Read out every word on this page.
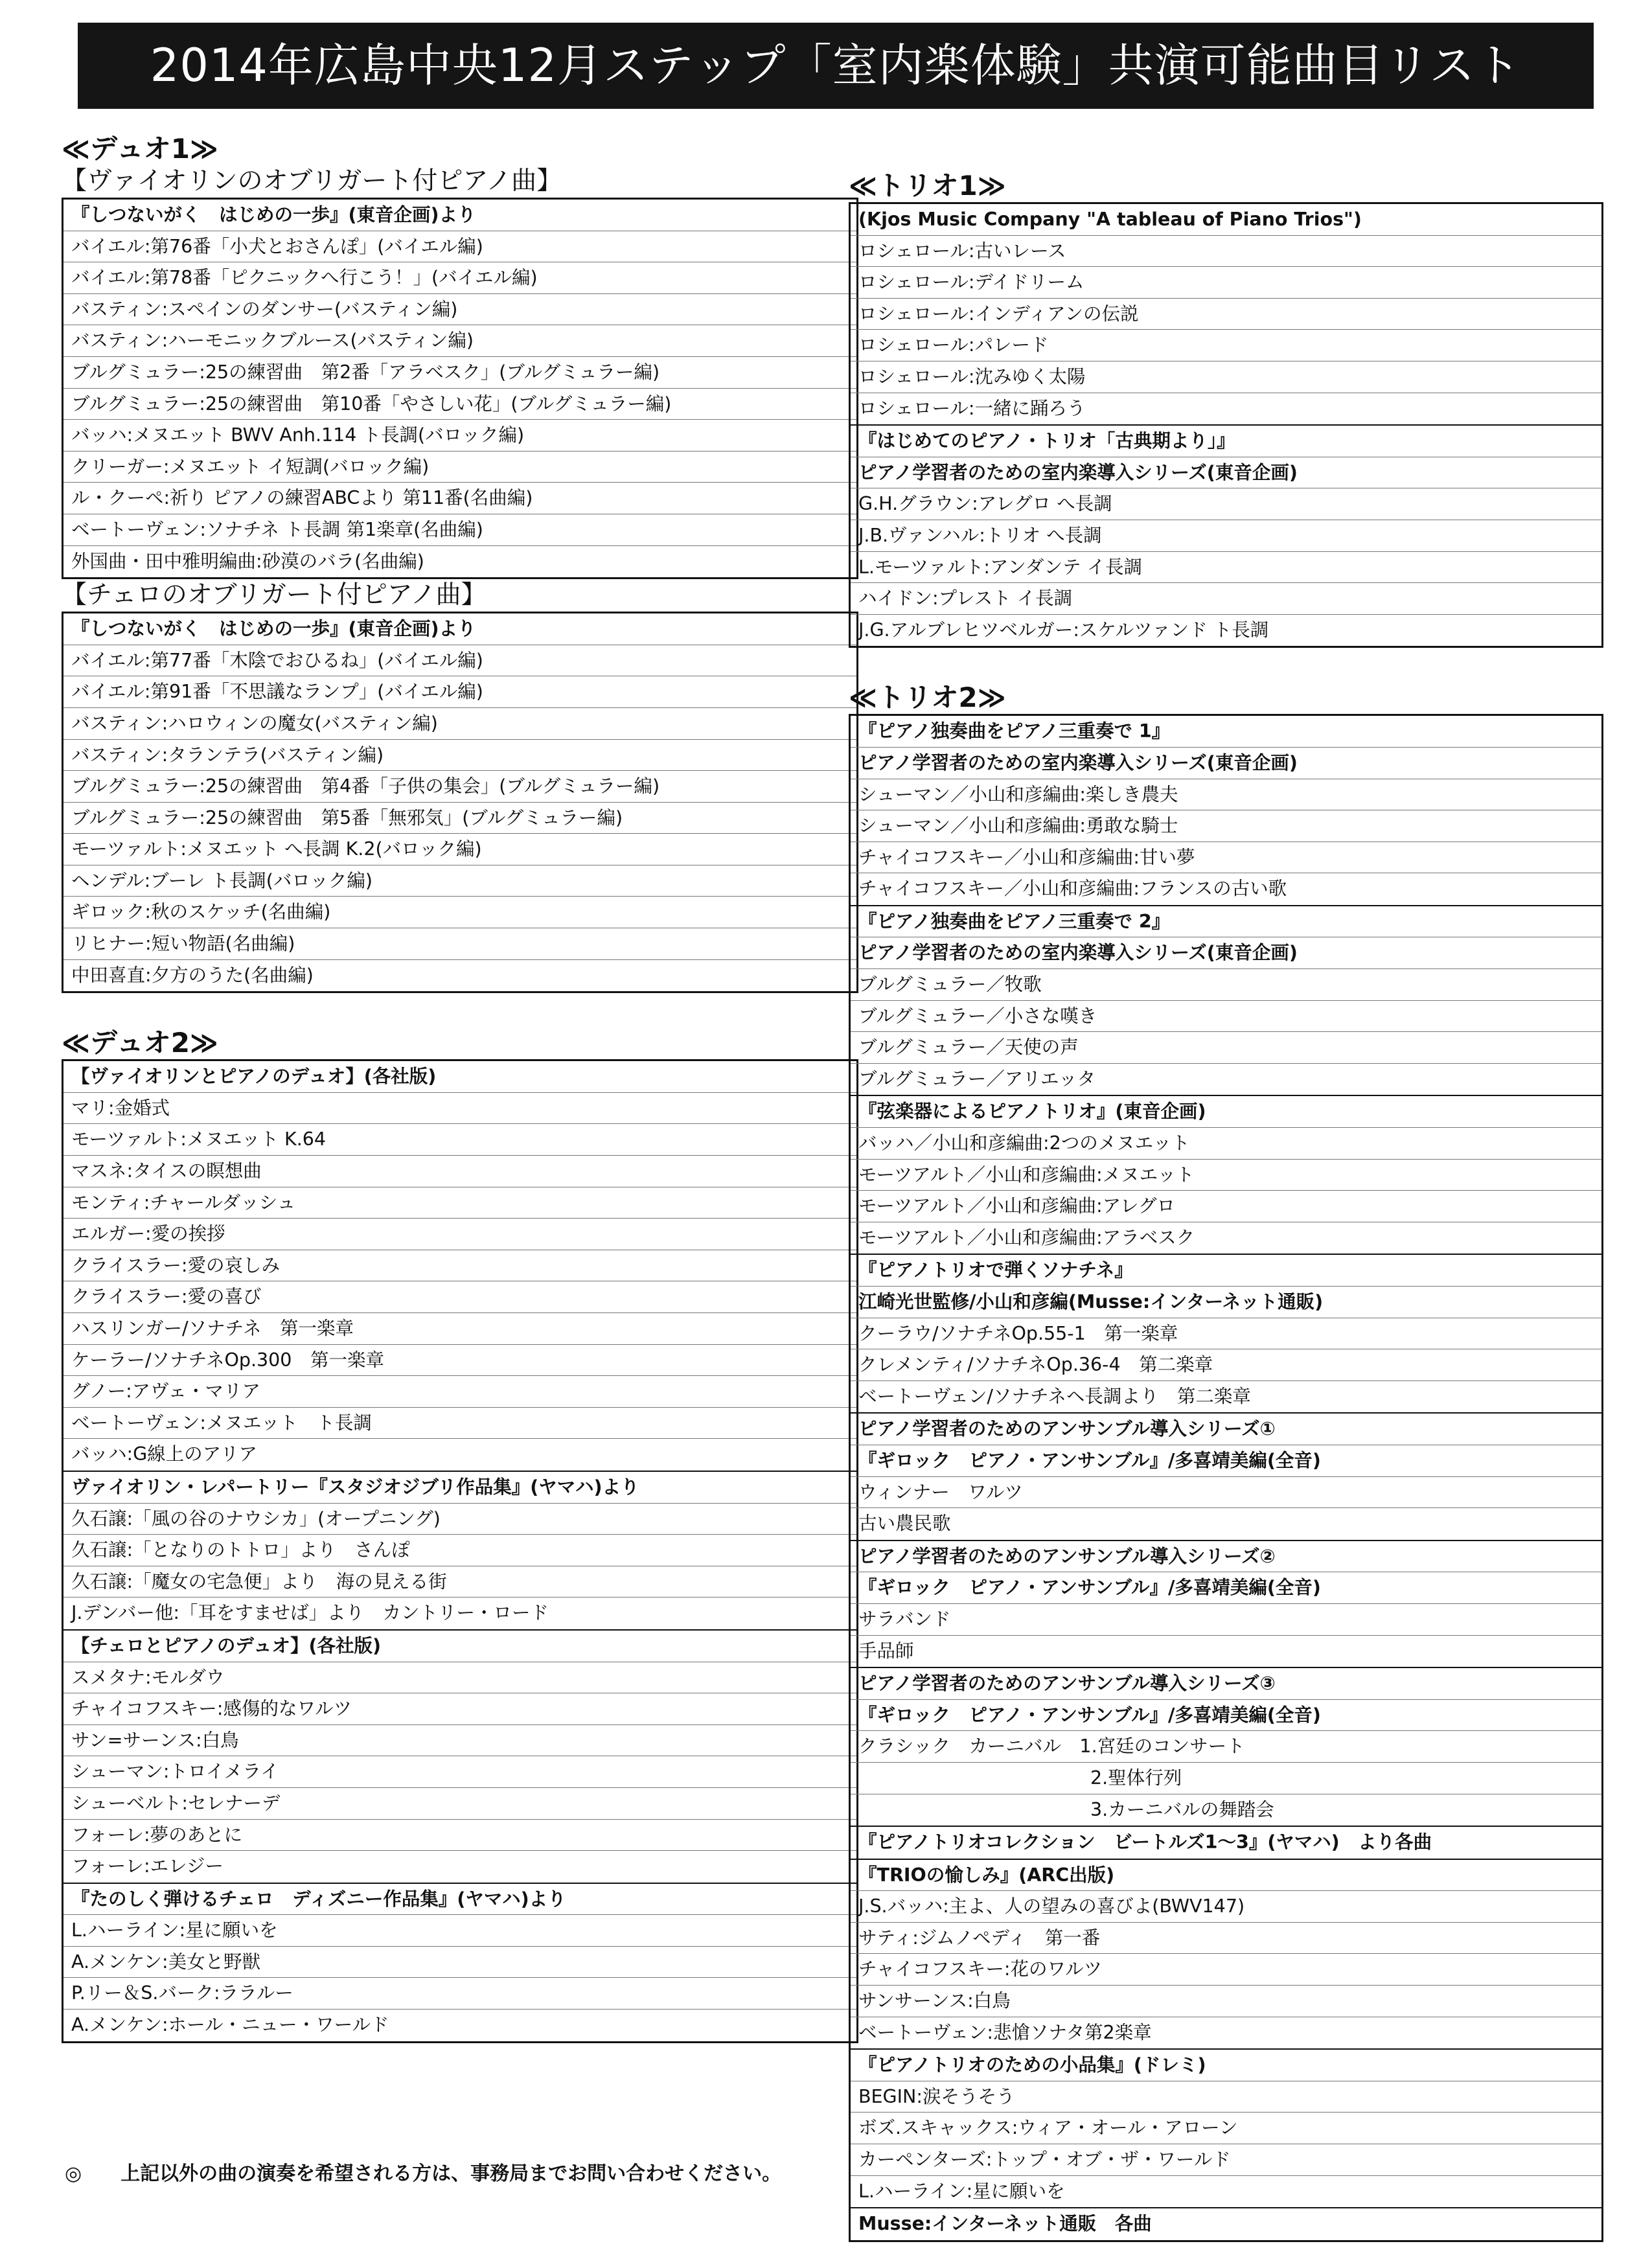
2014年広島中央12月ステップ「室内楽体験」共演可能曲目リスト
≪デュオ1≫
【ヴァイオリンのオブリガート付ピアノ曲】
『しつないがく　はじめの一歩』(東音企画)より
バイエル:第76番「小犬とおさんぽ」(バイエル編)
バイエル:第78番「ピクニックへ行こう！」(バイエル編)
バスティン:スペインのダンサー(バスティン編)
バスティン:ハーモニックブルース(バスティン編)
ブルグミュラー:25の練習曲　第2番「アラベスク」(ブルグミュラー編)
ブルグミュラー:25の練習曲　第10番「やさしい花」(ブルグミュラー編)
バッハ:メヌエット BWV Anh.114 ト長調(バロック編)
クリーガー:メヌエット イ短調(バロック編)
ル・クーペ:祈り ピアノの練習ABCより 第11番(名曲編)
ベートーヴェン:ソナチネ ト長調 第1楽章(名曲編)
外国曲・田中雅明編曲:砂漠のバラ(名曲編)
【チェロのオブリガート付ピアノ曲】
『しつないがく　はじめの一歩』(東音企画)より
バイエル:第77番「木陰でおひるね」(バイエル編)
バイエル:第91番「不思議なランプ」(バイエル編)
バスティン:ハロウィンの魔女(バスティン編)
バスティン:タランテラ(バスティン編)
ブルグミュラー:25の練習曲　第4番「子供の集会」(ブルグミュラー編)
ブルグミュラー:25の練習曲　第5番「無邪気」(ブルグミュラー編)
モーツァルト:メヌエット へ長調 K.2(バロック編)
ヘンデル:ブーレ ト長調(バロック編)
ギロック:秋のスケッチ(名曲編)
リヒナー:短い物語(名曲編)
中田喜直:夕方のうた(名曲編)
≪デュオ2≫
【ヴァイオリンとピアノのデュオ】(各社版)
マリ:金婚式
モーツァルト:メヌエット K.64
マスネ:タイスの瞑想曲
モンティ:チャールダッシュ
エルガー:愛の挨拶
クライスラー:愛の哀しみ
クライスラー:愛の喜び
ハスリンガー/ソナチネ　第一楽章
ケーラー/ソナチネOp.300　第一楽章
グノー:アヴェ・マリア
ベートーヴェン:メヌエット　ト長調
バッハ:G線上のアリア
ヴァイオリン・レパートリー『スタジオジブリ作品集』(ヤマハ)より
久石譲:「風の谷のナウシカ」(オープニング)
久石譲:「となりのトトロ」より　さんぽ
久石譲:「魔女の宅急便」より　海の見える街
J.デンバー他:「耳をすませば」より　カントリー・ロード
【チェロとピアノのデュオ】(各社版)
スメタナ:モルダウ
チャイコフスキー:感傷的なワルツ
サン=サーンス:白鳥
シューマン:トロイメライ
シューベルト:セレナーデ
フォーレ:夢のあとに
フォーレ:エレジー
『たのしく弾けるチェロ　ディズニー作品集』(ヤマハ)より
L.ハーライン:星に願いを
A.メンケン:美女と野獣
P.リー＆S.バーク:ララルー
A.メンケン:ホール・ニュー・ワールド
≪トリオ1≫
(Kjos Music Company "A tableau of Piano Trios")
ロシェロール:古いレース
ロシェロール:デイドリーム
ロシェロール:インディアンの伝説
ロシェロール:パレード
ロシェロール:沈みゆく太陽
ロシェロール:一緒に踊ろう
『はじめてのピアノ・トリオ「古典期より」』
ピアノ学習者のための室内楽導入シリーズ(東音企画)
G.H.グラウン:アレグロ へ長調
J.B.ヴァンハル:トリオ へ長調
L.モーツァルト:アンダンテ イ長調
ハイドン:プレスト イ長調
J.G.アルブレヒツベルガー:スケルツァンド ト長調
≪トリオ2≫
『ピアノ独奏曲をピアノ三重奏で 1』
ピアノ学習者のための室内楽導入シリーズ(東音企画)
シューマン／小山和彦編曲:楽しき農夫
シューマン／小山和彦編曲:勇敢な騎士
チャイコフスキー／小山和彦編曲:甘い夢
チャイコフスキー／小山和彦編曲:フランスの古い歌
『ピアノ独奏曲をピアノ三重奏で 2』
ピアノ学習者のための室内楽導入シリーズ(東音企画)
ブルグミュラー／牧歌
ブルグミュラー／小さな嘆き
ブルグミュラー／天使の声
ブルグミュラー／アリエッタ
『弦楽器によるピアノトリオ』(東音企画)
バッハ／小山和彦編曲:2つのメヌエット
モーツアルト／小山和彦編曲:メヌエット
モーツアルト／小山和彦編曲:アレグロ
モーツアルト／小山和彦編曲:アラベスク
『ピアノトリオで弾くソナチネ』
江崎光世監修/小山和彦編(Musse:インターネット通販)
クーラウ/ソナチネOp.55-1　第一楽章
クレメンティ/ソナチネOp.36-4　第二楽章
ベートーヴェン/ソナチネヘ長調より　第二楽章
ピアノ学習者のためのアンサンブル導入シリーズ①
『ギロック　ピアノ・アンサンブル』/多喜靖美編(全音)
ウィンナー　ワルツ
古い農民歌
ピアノ学習者のためのアンサンブル導入シリーズ②
『ギロック　ピアノ・アンサンブル』/多喜靖美編(全音)
サラバンド
手品師
ピアノ学習者のためのアンサンブル導入シリーズ③
『ギロック　ピアノ・アンサンブル』/多喜靖美編(全音)
クラシック　カーニバル　1.宮廷のコンサート
2.聖体行列
3.カーニバルの舞踏会
『ピアノトリオコレクション　ビートルズ1～3』(ヤマハ)　より各曲
『TRIOの愉しみ』(ARC出版)
J.S.バッハ:主よ、人の望みの喜びよ(BWV147)
サティ:ジムノペディ　第一番
チャイコフスキー:花のワルツ
サンサーンス:白鳥
ベートーヴェン:悲愴ソナタ第2楽章
『ピアノトリオのための小品集』(ドレミ)
BEGIN:涙そうそう
ボズ.スキャックス:ウィア・オール・アローン
カーペンターズ:トップ・オブ・ザ・ワールド
L.ハーライン:星に願いを
Musse:インターネット通販　各曲
◎ 上記以外の曲の演奏を希望される方は、事務局までお問い合わせください。
